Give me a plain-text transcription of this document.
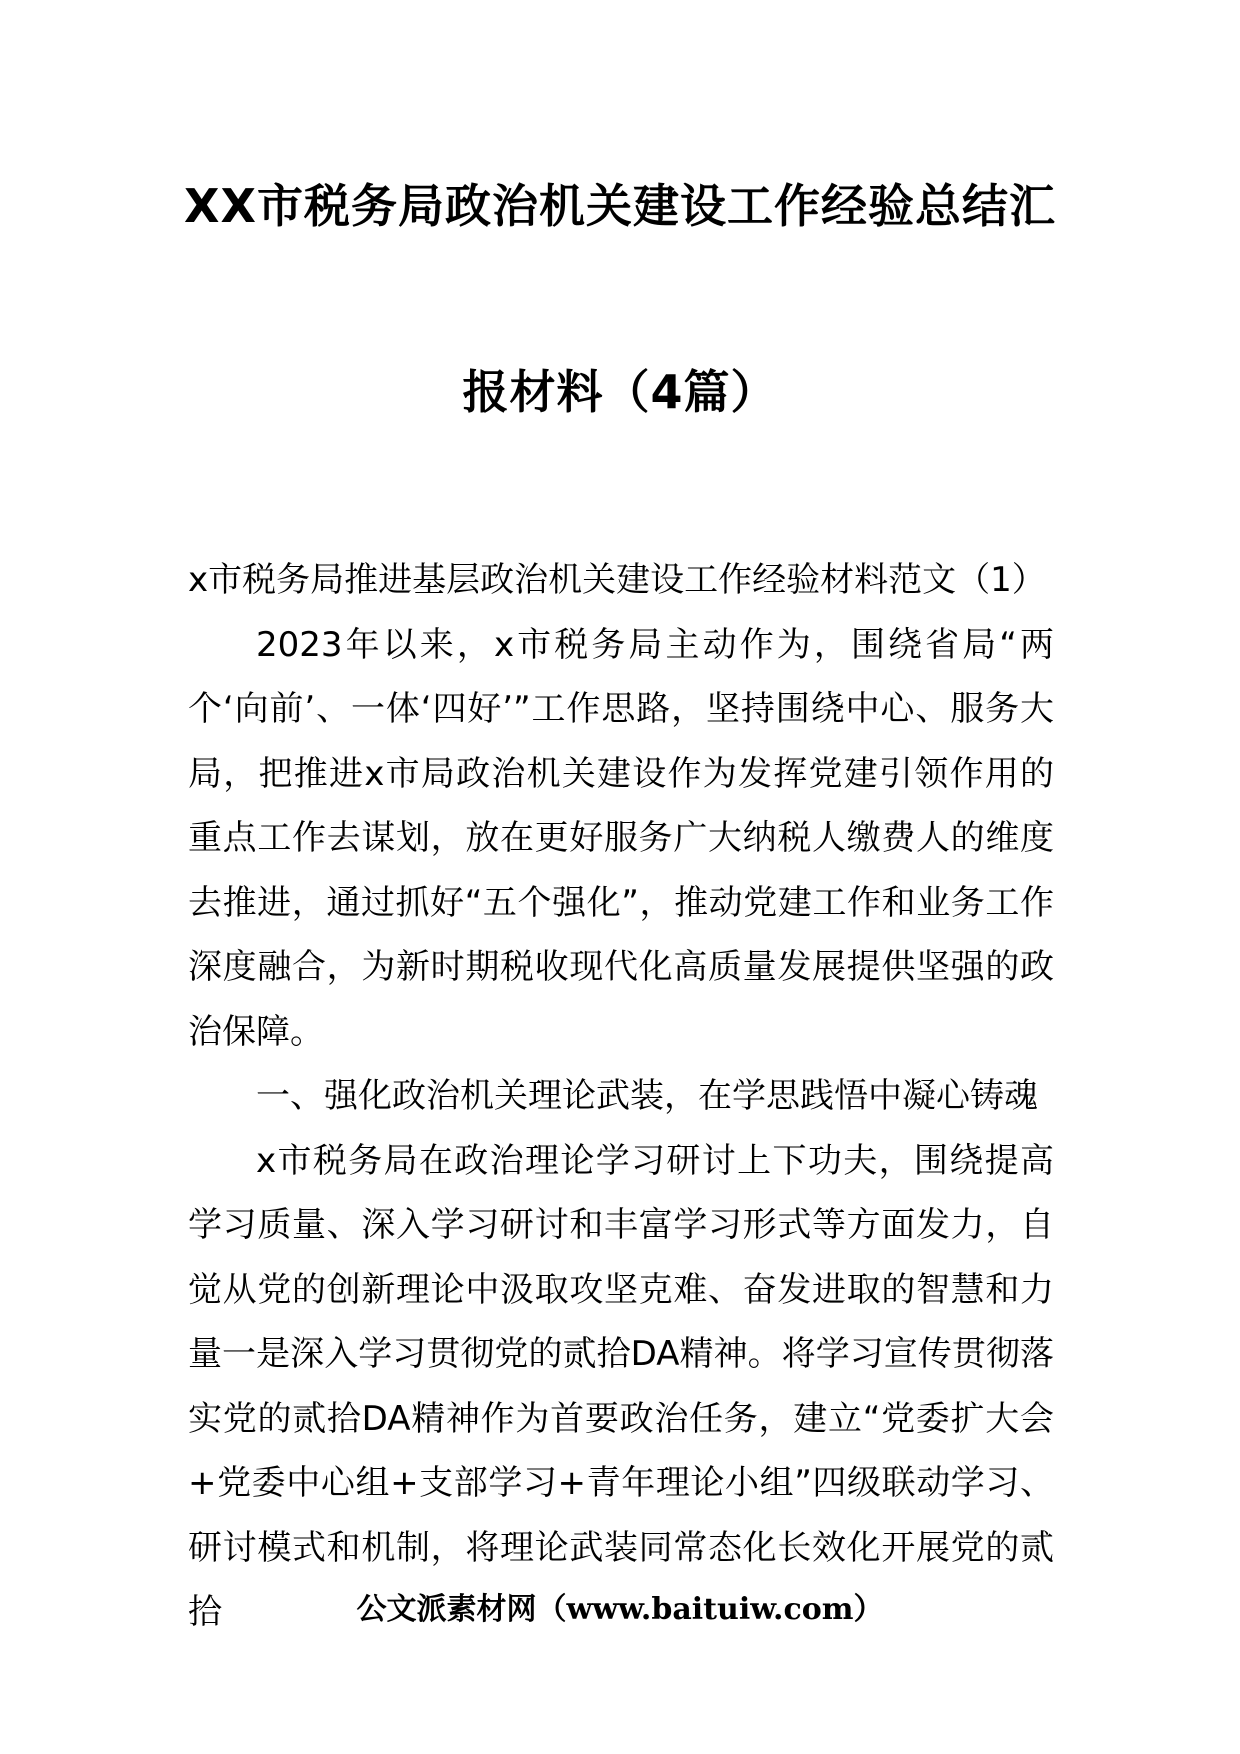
XX市税务局政治机关建设工作经验总结汇
报材料（4篇）

x市税务局推进基层政治机关建设工作经验材料范文（1）

2023年以来，x市税务局主动作为，围绕省局“两个‘向前’、一体‘四好’”工作思路，坚持围绕中心、服务大局，把推进x市局政治机关建设作为发挥党建引领作用的重点工作去谋划，放在更好服务广大纳税人缴费人的维度去推进，通过抓好“五个强化”，推动党建工作和业务工作深度融合，为新时期税收现代化高质量发展提供坚强的政治保障。

一、强化政治机关理论武装，在学思践悟中凝心铸魂

x市税务局在政治理论学习研讨上下功夫，围绕提高学习质量、深入学习研讨和丰富学习形式等方面发力，自觉从党的创新理论中汲取攻坚克难、奋发进取的智慧和力量一是深入学习贯彻党的贰拾DA精神。将学习宣传贯彻落实党的贰拾DA精神作为首要政治任务，建立“党委扩大会+党委中心组+支部学习+青年理论小组”四级联动学习、研讨模式和机制，将理论武装同常态化长效化开展党的贰拾	公文派素材网（www.baituiw.com）
